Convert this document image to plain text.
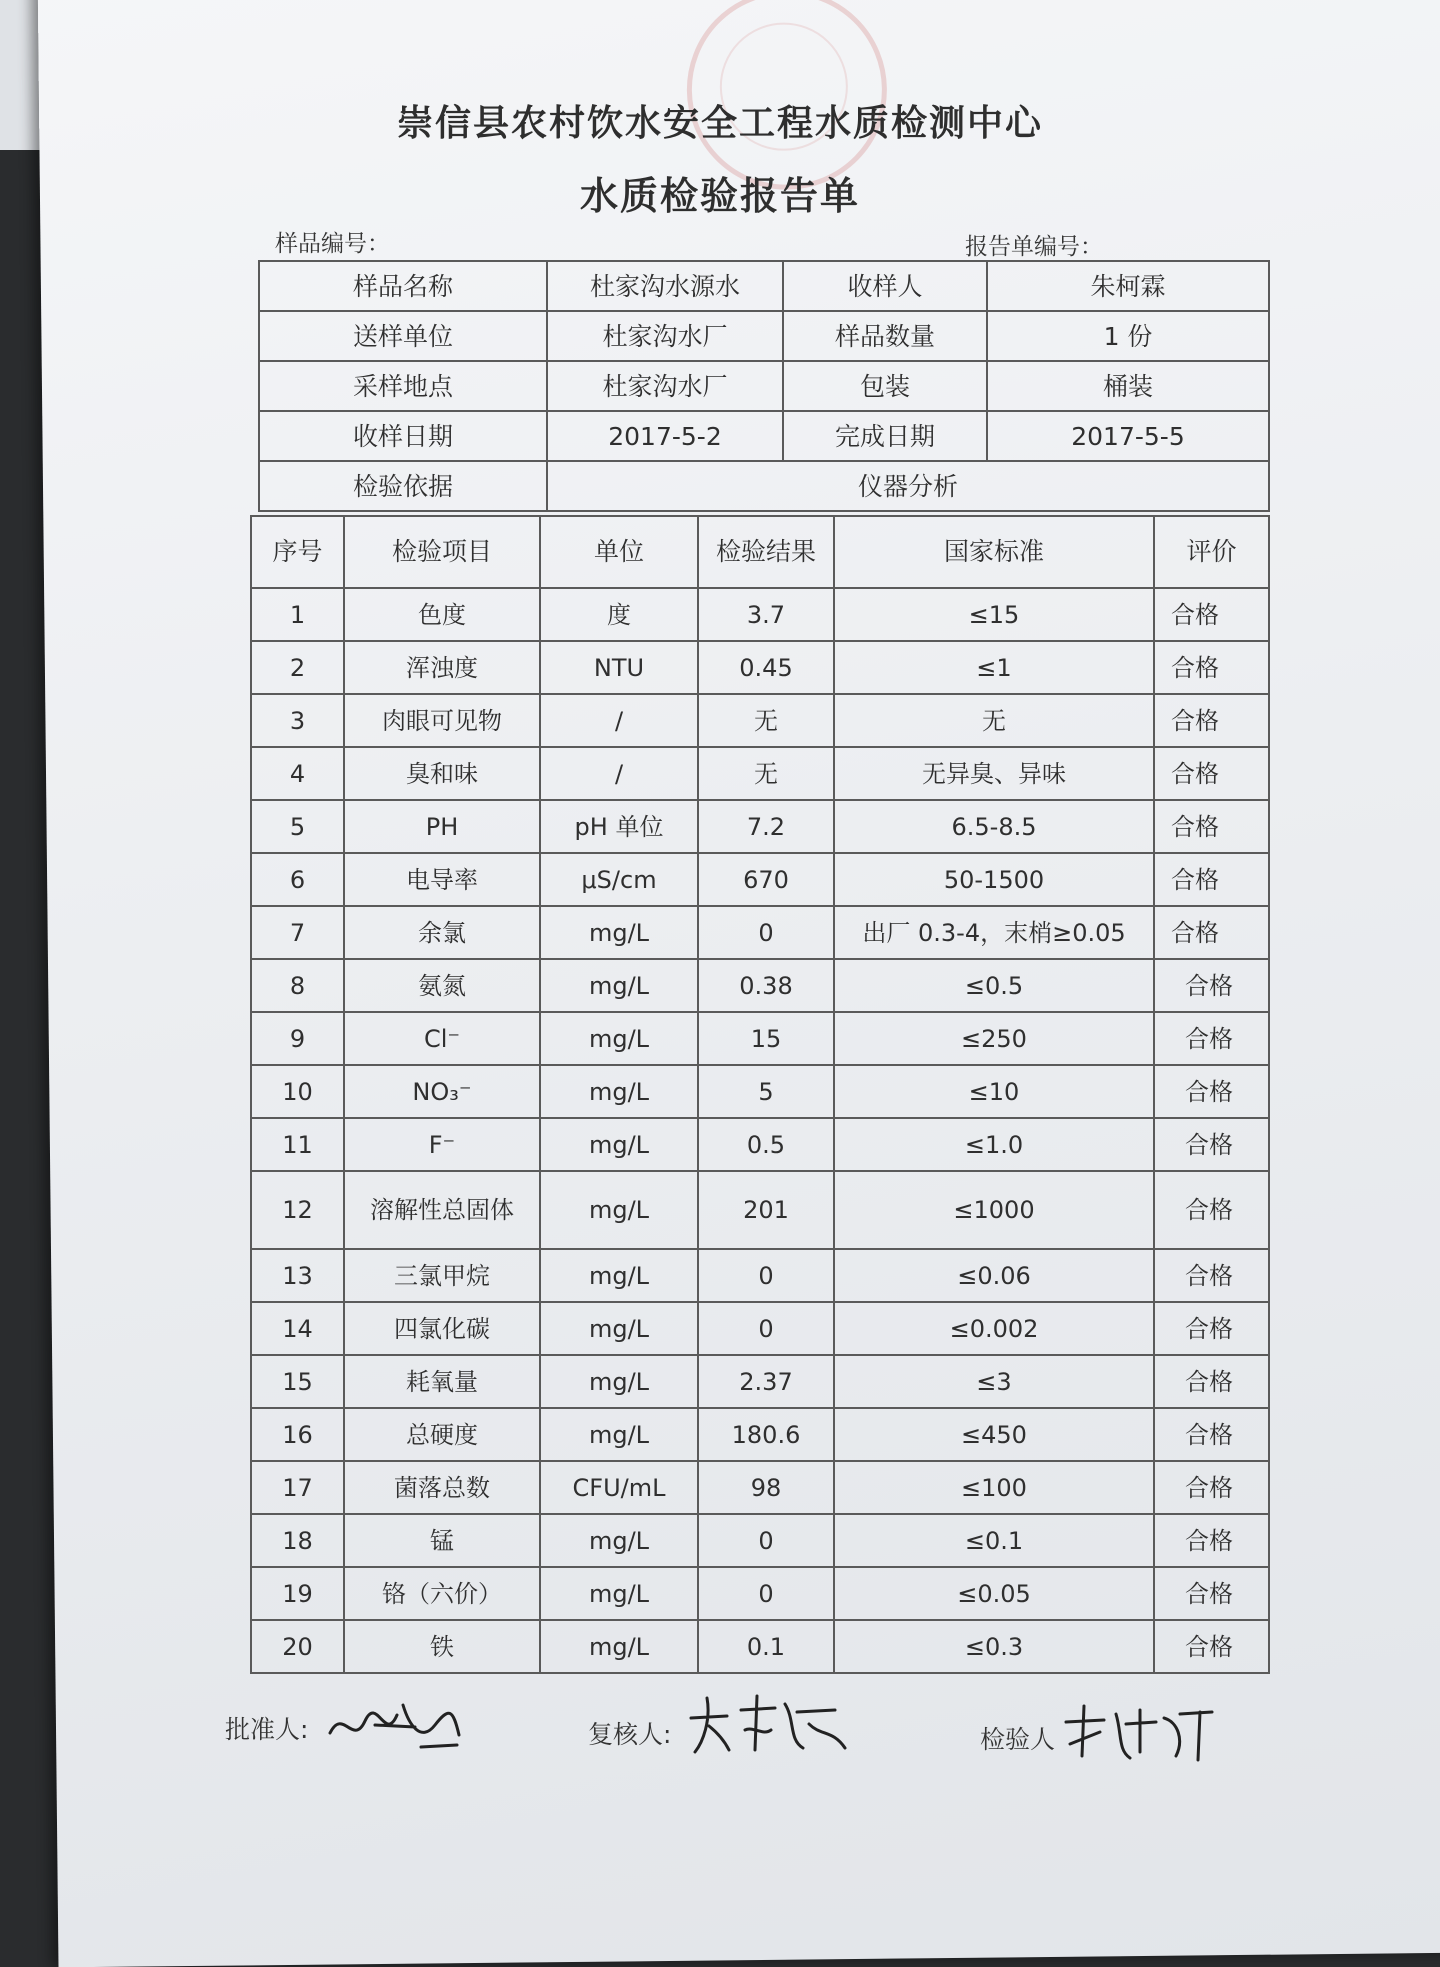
崇信县农村饮水安全工程水质检测中心
水质检验报告单
样品编号：	报告单编号：
样品名称	杜家沟水源水	收样人	朱柯霖
送样单位	杜家沟水厂	样品数量	1 份
采样地点	杜家沟水厂	包装	桶装
收样日期	2017-5-2	完成日期	2017-5-5
检验依据	仪器分析		
序号	检验项目	单位	检验结果	国家标准	评价
1	色度	度	3.7	≤15	合格
2	浑浊度	NTU	0.45	≤1	合格
3	肉眼可见物	/	无	无	合格
4	臭和味	/	无	无异臭、异味	合格
5	PH	pH 单位	7.2	6.5-8.5	合格
6	电导率	μS/cm	670	50-1500	合格
7	余氯	mg/L	0	出厂 0.3-4，末梢≥0.05	合格
8	氨氮	mg/L	0.38	≤0.5	合格
9	Cl⁻	mg/L	15	≤250	合格
10	NO₃⁻	mg/L	5	≤10	合格
11	F⁻	mg/L	0.5	≤1.0	合格
12	溶解性总固体	mg/L	201	≤1000	合格
13	三氯甲烷	mg/L	0	≤0.06	合格
14	四氯化碳	mg/L	0	≤0.002	合格
15	耗氧量	mg/L	2.37	≤3	合格
16	总硬度	mg/L	180.6	≤450	合格
17	菌落总数	CFU/mL	98	≤100	合格
18	锰	mg/L	0	≤0.1	合格
19	铬（六价）	mg/L	0	≤0.05	合格
20	铁	mg/L	0.1	≤0.3	合格
批准人:	复核人:	检验人
